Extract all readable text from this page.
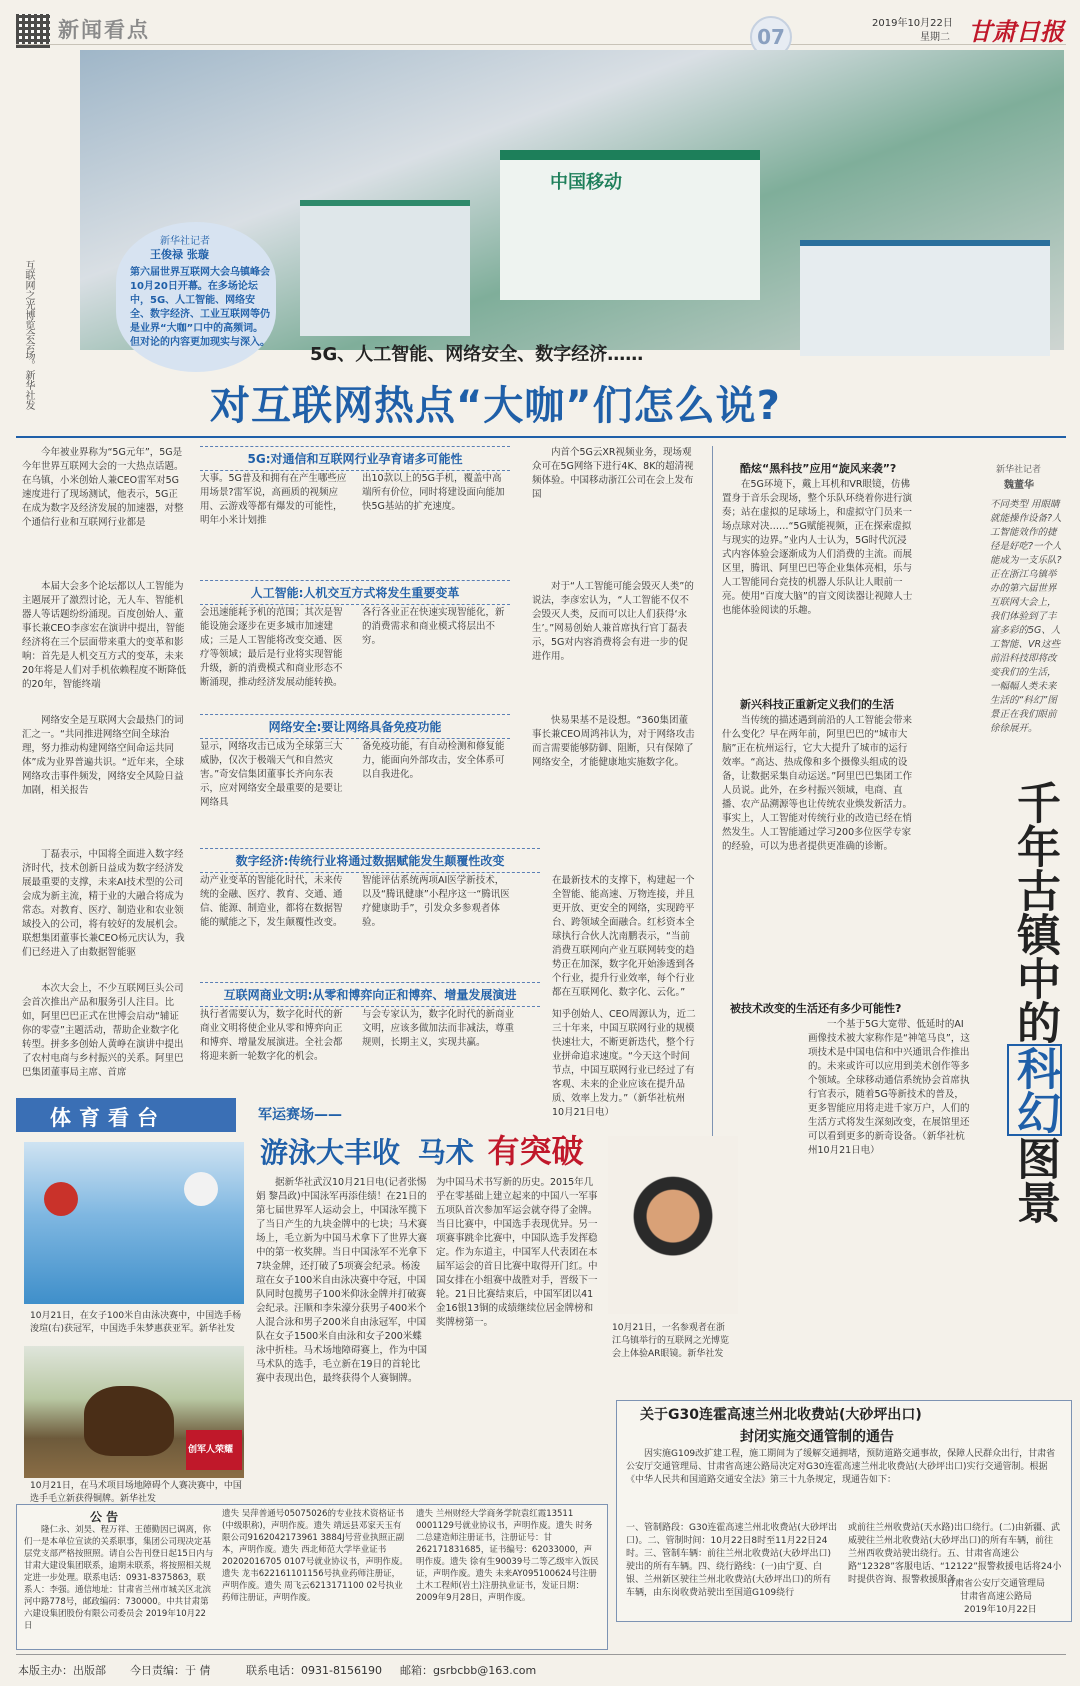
新闻看点	07
2019年10月22日
星期二 甘肃日报
中国移动
互联网之光博览会会场。新华社发
新华社记者
王俊禄 张璇
第六届世界互联网大会乌镇峰会10月20日开幕。在多场论坛中，5G、人工智能、网络安全、数字经济、工业互联网等仍是业界“大咖”口中的高频词。但对论的内容更加现实与深入。
5G、人工智能、网络安全、数字经济……
对互联网热点“大咖”们怎么说?
5G:对通信和互联网行业孕育诸多可能性
今年被业界称为“5G元年”，5G是今年世界互联网大会的一大热点话题。在乌镇，小米创始人兼CEO雷军对5G速度进行了现场测试，他表示，5G正在成为数字及经济发展的加速器，对整个通信行业和互联网行业都是
大事。5G普及和拥有在产生哪些应用场景?雷军说，高画质的视频应用、云游戏等都有爆发的可能性，明年小米计划推
出10款以上的5G手机，覆盖中高端所有价位，同时将建设面向能加快5G基站的扩充速度。
内首个5G云XR视频业务，现场观众可在5G网络下进行4K、8K的超清视频体验。中国移动浙江公司在会上发布国
人工智能:人机交互方式将发生重要变革
本届大会多个论坛都以人工智能为主题展开了激烈讨论，无人车、智能机器人等话题纷纷涌现。百度创始人、董事长兼CEO李彦宏在演讲中提出，智能经济将在三个层面带来重大的变革和影响：首先是人机交互方式的变革，未来20年将是人们对手机依赖程度不断降低的20年，智能终端
会迅速能耗予机的范围；其次是智能设施会逐步在更多城市加速建成；三是人工智能将改变交通、医疗等领域；最后是行业将实现智能升级，新的消费模式和商业形态不断涌现，推动经济发展动能转换。
各行各业正在快速实现智能化，新的消费需求和商业模式将层出不穷。
对于“人工智能可能会毁灭人类”的说法，李彦宏认为，“人工智能不仅不会毁灭人类，反而可以让人们获得‘永生’。”网易创始人兼首席执行官丁磊表示，5G对内容消费将会有进一步的促进作用。
网络安全:要让网络具备免疫功能
网络安全是互联网大会最热门的词汇之一。“共同推进网络空间全球治理，努力推动构建网络空间命运共同体”成为业界普遍共识。“近年来，全球网络攻击事件频发，网络安全风险日益加剧，相关报告
显示，网络攻击已成为全球第三大威胁，仅次于极端天气和自然灾害。”奇安信集团董事长齐向东表示，应对网络安全最重要的是要让网络具
备免疫功能，有自动检测和修复能力，能面向外部攻击，安全体系可以自我进化。
快易果基不是设想。“360集团董事长兼CEO周鸿祎认为，对于网络攻击而言需要能够防御、阻断，只有保障了网络安全，才能健康地实施数字化。
数字经济:传统行业将通过数据赋能发生颠覆性改变
丁磊表示，中国将全面进入数字经济时代，技术创新日益成为数字经济发展最重要的支撑，未来AI技术型的公司会成为新主流，精于业的大融合将成为常态。对教育、医疗、制造业和农业领域投入的公司，将有较好的发展机会。联想集团董事长兼CEO杨元庆认为，我们已经进入了由数据智能驱
动产业变革的智能化时代，未来传统的金融、医疗、教育、交通、通信、能源、制造业，都将在数据智能的赋能之下，发生颠覆性改变。
智能评估系统两项AI医学新技术，以及“腾讯健康”小程序这一“腾讯医疗健康助手”，引发众多参观者体验。
在最新技术的支撑下，构建起一个全智能、能高速、万物连接，并且更开放、更安全的网络，实现跨平台、跨领域全面融合。红杉资本全球执行合伙人沈南鹏表示，“当前消费互联网向产业互联网转变的趋势正在加深，数字化开始渗透到各个行业，提升行业效率，每个行业都在互联网化、数字化、云化。”
互联网商业文明:从零和博弈向正和博弈、增量发展演进
本次大会上，不少互联网巨头公司会首次推出产品和服务引人注目。比如，阿里巴巴正式在世博会启动“辅证你的零壹”主题活动，帮助企业数字化转型。拼多多创始人黄峥在演讲中提出了农村电商与乡村振兴的关系。阿里巴巴集团董事局主席、首席
执行者需要认为，数字化时代的新商业文明将使企业从零和博弈向正和博弈、增量发展演进。全社会都将迎来新一轮数字化的机会。
与会专家认为，数字化时代的新商业文明，应该多做加法而非减法，尊重规则，长期主义，实现共赢。
知乎创始人、CEO周源认为，近二三十年来，中国互联网行业的规模快速壮大，不断更新迭代，整个行业拼命追求速度。“今天这个时间节点，中国互联网行业已经过了有客观、未来的企业应该在提升品质、效率上发力。”（新华社杭州10月21日电）
酷炫“黑科技”应用“旋风来袭”?
在5G环境下，戴上耳机和VR眼镜，仿佛置身于音乐会现场，整个乐队环绕着你进行演奏；站在虚拟的足球场上，和虚拟守门员来一场点球对决……“5G赋能视频，正在探索虚拟与现实的边界。”业内人士认为，5G时代沉浸式内容体验会逐渐成为人们消费的主流。而展区里，腾讯、阿里巴巴等企业集体亮相，乐与人工智能同台竞技的机器人乐队让人眼前一亮。使用“百度大脑”的盲文阅读器让视障人士也能体验阅读的乐趣。
新兴科技正重新定义我们的生活
当传统的描述遇到前沿的人工智能会带来什么变化？早在两年前，阿里巴巴的“城市大脑”正在杭州运行，它大大提升了城市的运行效率。“高达、热成像和多个摄像头组成的设备，让数据采集自动运送。”阿里巴巴集团工作人员说。此外，在乡村振兴领域，电商、直播、农产品溯源等也让传统农业焕发新活力。事实上，人工智能对传统行业的改造已经在悄然发生。人工智能通过学习200多位医学专家的经验，可以为患者提供更准确的诊断。
被技术改变的生活还有多少可能性?
一个基于5G大宽带、低延时的AI画像技术被大家称作是“神笔马良”，这项技术是中国电信和中兴通讯合作推出的。未来或许可以应用到美术创作等多个领域。全球移动通信系统协会首席执行官表示，随着5G等新技术的普及，更多智能应用将走进千家万户，人们的生活方式将发生深刻改变，在展馆里还可以看到更多的新奇设备。（新华社杭州10月21日电）
新华社记者
魏董华
不同类型 用眼睛就能操作设备?人工智能效作的捷径是好吃?一个人能成为一支乐队?正在浙江乌镇举办的第六届世界互联网大会上，我们体验到了丰富多彩的5G、人工智能、VR这些前沿科技即将改变我们的生活，一幅幅人类未来生活的“科幻”图景正在我们眼前徐徐展开。
千年古镇中的科幻图景
体育看台	军运赛场——
游泳大丰收 马术 有突破
10月21日，在女子100米自由泳决赛中，中国选手杨浚瑄(右)获冠军，中国选手朱梦惠获亚军。新华社发
创军人荣耀
10月21日，在马术项目场地障碍个人赛决赛中，中国选手毛立新获得铜牌。新华社发
据新华社武汉10月21日电(记者张惕娟 黎昌政)中国泳军再添佳绩！在21日的第七届世界军人运动会上，中国泳军揽下了当日产生的九块金牌中的七块；马术赛场上，毛立新为中国马术拿下了世界大赛中的第一枚奖牌。当日中国泳军不光拿下7块金牌，还打破了5项赛会纪录。杨浚瑄在女子100米自由泳决赛中夺冠，中国队同时包揽男子100米仰泳金牌并打破赛会纪录。汪顺和李朱濠分获男子400米个人混合泳和男子200米自由泳冠军，中国队在女子1500米自由泳和女子200米蝶泳中折桂。马术场地障碍赛上，作为中国马术队的选手，毛立新在19日的首轮比赛中表现出色，最终获得个人赛铜牌。
为中国马术书写新的历史。2015年几乎在零基础上建立起来的中国八一军事五项队首次参加军运会就夺得了金牌。当日比赛中，中国选手表现优异。另一项赛事跳伞比赛中，中国队选手发挥稳定。作为东道主，中国军人代表团在本届军运会的首日比赛中取得开门红。中国女排在小组赛中战胜对手，晋级下一轮。21日比赛结束后，中国军团以41金16银13铜的成绩继续位居金牌榜和奖牌榜第一。	10月21日，一名参观者在浙江乌镇举行的互联网之光博览会上体验AR眼镜。新华社发
关于G30连霍高速兰州北收费站(大砂坪出口)
封闭实施交通管制的通告
因实施G109改扩建工程，施工期间为了缓解交通拥堵，预防道路交通事故，保障人民群众出行，甘肃省公安厅交通管理局、甘肃省高速公路局决定对G30连霍高速兰州北收费站(大砂坪出口)实行交通管制。根据《中华人民共和国道路交通安全法》第三十九条规定，现通告如下：
一、管制路段：G30连霍高速兰州北收费站(大砂坪出口)。二、管制时间：10月22日8时至11月22日24时。三、管制车辆：前往兰州北收费站(大砂坪出口)驶出的所有车辆。四、绕行路线：(一)由宁夏、白银、兰州新区驶往兰州北收费站(大砂坪出口)的所有车辆，由东岗收费站驶出至国道G109绕行
或前往兰州收费站(天水路)出口绕行。(二)由新疆、武威驶往兰州北收费站(大砂坪出口)的所有车辆，前往兰州西收费站驶出绕行。五、甘肃省高速公路“12328”客服电话、“12122”报警救援电话将24小时提供咨询、报警救援服务。
甘肃省公安厅交通管理局
甘肃省高速公路局
2019年10月22日
公 告
隆仁永、刘昊、程万祥、王德勤因已调离，你们一是本单位宣读的关系职事，集团公司现决定基层党支部严格按照照。请自公告刊登日起15日内与甘肃大建设集团联系，逾期未联系，将按照相关规定进一步处理。联系电话：0931-8375863，联系人：李强。通信地址：甘肃省兰州市城关区北滨河中路778号，邮政编码：730000。中共甘肃第六建设集团股份有限公司委员会 2019年10月22日
遗失 吴萍普通号05075026的专业技术资格证书(中级职称)，声明作废。遗失 靖远县邓家天玉有限公司9162042173961 3884J号营业执照正副本，声明作废。遗失 西北师范大学毕业证书20202016705 0107号就业协议书，声明作废。遗失 龙韦622161101156号执业药师注册证，声明作废。遗失 周飞云6213171100 02号执业药师注册证，声明作废。
遗失 兰州财经大学商务学院袁红霞13511 0001129号就业协议书，声明作废。遗失 时务二总建造师注册证书，注册证号：甘262171831685，证书编号：62033000，声明作废。遗失 徐有生90039号二等乙级牢入饭民证，声明作废。遗失 未来AY095100624号注册土木工程师(岩土)注册执业证书，发证日期：2009年9月28日，声明作废。
本版主办：出版部 今日责编：于 倩	联系电话：0931-8156190 邮箱：gsrbcbb@163.com
